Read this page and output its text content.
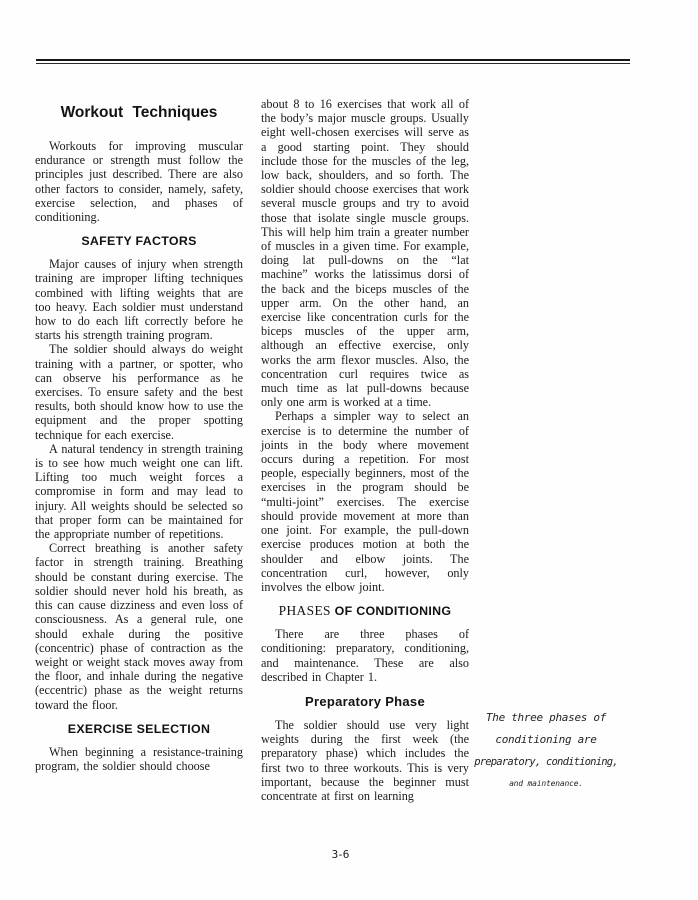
Workout Techniques

Workouts for improving muscular endurance or strength must follow the principles just described. There are also other factors to consider, namely, safety, exercise selection, and phases of conditioning.

SAFETY FACTORS

Major causes of injury when strength training are improper lifting techniques combined with lifting weights that are too heavy. Each soldier must understand how to do each lift correctly before he starts his strength training program.

The soldier should always do weight training with a partner, or spotter, who can observe his performance as he exercises. To ensure safety and the best results, both should know how to use the equipment and the proper spotting technique for each exercise.

A natural tendency in strength training is to see how much weight one can lift. Lifting too much weight forces a compromise in form and may lead to injury. All weights should be selected so that proper form can be maintained for the appropriate number of repetitions.

Correct breathing is another safety factor in strength training. Breathing should be constant during exercise. The soldier should never hold his breath, as this can cause dizziness and even loss of consciousness. As a general rule, one should exhale during the positive (concentric) phase of contraction as the weight or weight stack moves away from the floor, and inhale during the negative (eccentric) phase as the weight returns toward the floor.

EXERCISE SELECTION

When beginning a resistance-training program, the soldier should choose

about 8 to 16 exercises that work all of the body’s major muscle groups. Usually eight well-chosen exercises will serve as a good starting point. They should include those for the muscles of the leg, low back, shoulders, and so forth. The soldier should choose exercises that work several muscle groups and try to avoid those that isolate single muscle groups. This will help him train a greater number of muscles in a given time. For example, doing lat pull-downs on the “lat machine” works the latissimus dorsi of the back and the biceps muscles of the upper arm. On the other hand, an exercise like concentration curls for the biceps muscles of the upper arm, although an effective exercise, only works the arm flexor muscles. Also, the concentration curl requires twice as much time as lat pull-downs because only one arm is worked at a time.

Perhaps a simpler way to select an exercise is to determine the number of joints in the body where movement occurs during a repetition. For most people, especially beginners, most of the exercises in the program should be “multi-joint” exercises. The exercise should provide movement at more than one joint. For example, the pull-down exercise produces motion at both the shoulder and elbow joints. The concentration curl, however, only involves the elbow joint.

PHASES OF CONDITIONING

There are three phases of conditioning: preparatory, conditioning, and maintenance. These are also described in Chapter 1.

Preparatory Phase

The soldier should use very light weights during the first week (the preparatory phase) which includes the first two to three workouts. This is very important, because the beginner must concentrate at first on learning

The three phases of
conditioning are
preparatory, conditioning,
and maintenance.
3-6
